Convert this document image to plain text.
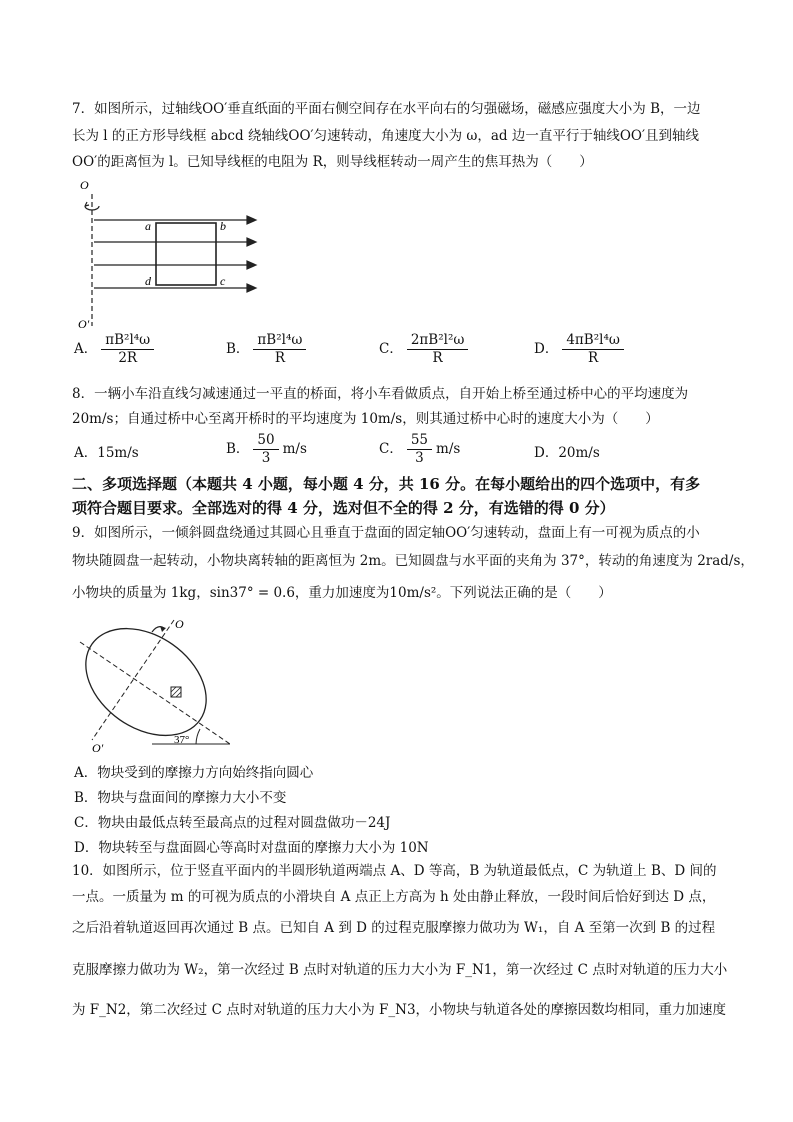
7．如图所示，过轴线OO′垂直纸面的平面右侧空间存在水平向右的匀强磁场，磁感应强度大小为 B，一边
长为 l 的正方形导线框 abcd 绕轴线OO′匀速转动，角速度大小为 ω，ad 边一直平行于轴线OO′且到轴线
OO′的距离恒为 l。已知导线框的电阻为 R，则导线框转动一周产生的焦耳热为（　　）
O
a	b
d	c
O′
A． $\frac{\text{πB²l⁴ω}}{2R}$	B． $\frac{\text{πB²l⁴ω}}{R}$	C． $\frac{\text{2πB²l²ω}}{R}$	D． $\frac{\text{4πB²l⁴ω}}{R}$
8．一辆小车沿直线匀减速通过一平直的桥面，将小车看做质点，自开始上桥至通过桥中心的平均速度为
20m/s；自通过桥中心至离开桥时的平均速度为 10m/s，则其通过桥中心时的速度大小为（　　）
A．15m/s	B． $\frac{50}{3} m/s$	C． $\frac{55}{3} m/s$	D．20m/s
二、多项选择题（本题共 4 小题，每小题 4 分，共 16 分。在每小题给出的四个选项中，有多
项符合题目要求。全部选对的得 4 分，选对但不全的得 2 分，有选错的得 0 分）
9．如图所示，一倾斜圆盘绕通过其圆心且垂直于盘面的固定轴OO′匀速转动，盘面上有一可视为质点的小
物块随圆盘一起转动，小物块离转轴的距离恒为 2m。已知圆盘与水平面的夹角为 37°，转动的角速度为 2rad/s，
小物块的质量为 1kg，sin37° = 0.6，重力加速度为10m/s²。下列说法正确的是（　　）
O
37°
O′
A．物块受到的摩擦力方向始终指向圆心
B．物块与盘面间的摩擦力大小不变
C．物块由最低点转至最高点的过程对圆盘做功－24J
D．物块转至与盘面圆心等高时对盘面的摩擦力大小为 10N
10．如图所示，位于竖直平面内的半圆形轨道两端点 A、D 等高，B 为轨道最低点，C 为轨道上 B、D 间的
一点。一质量为 m 的可视为质点的小滑块自 A 点正上方高为 h 处由静止释放，一段时间后恰好到达 D 点，
之后沿着轨道返回再次通过 B 点。已知自 A 到 D 的过程克服摩擦力做功为 W₁，自 A 至第一次到 B 的过程
克服摩擦力做功为 W₂，第一次经过 B 点时对轨道的压力大小为 F_N1，第一次经过 C 点时对轨道的压力大小
为 F_N2，第二次经过 C 点时对轨道的压力大小为 F_N3，小物块与轨道各处的摩擦因数均相同，重力加速度
